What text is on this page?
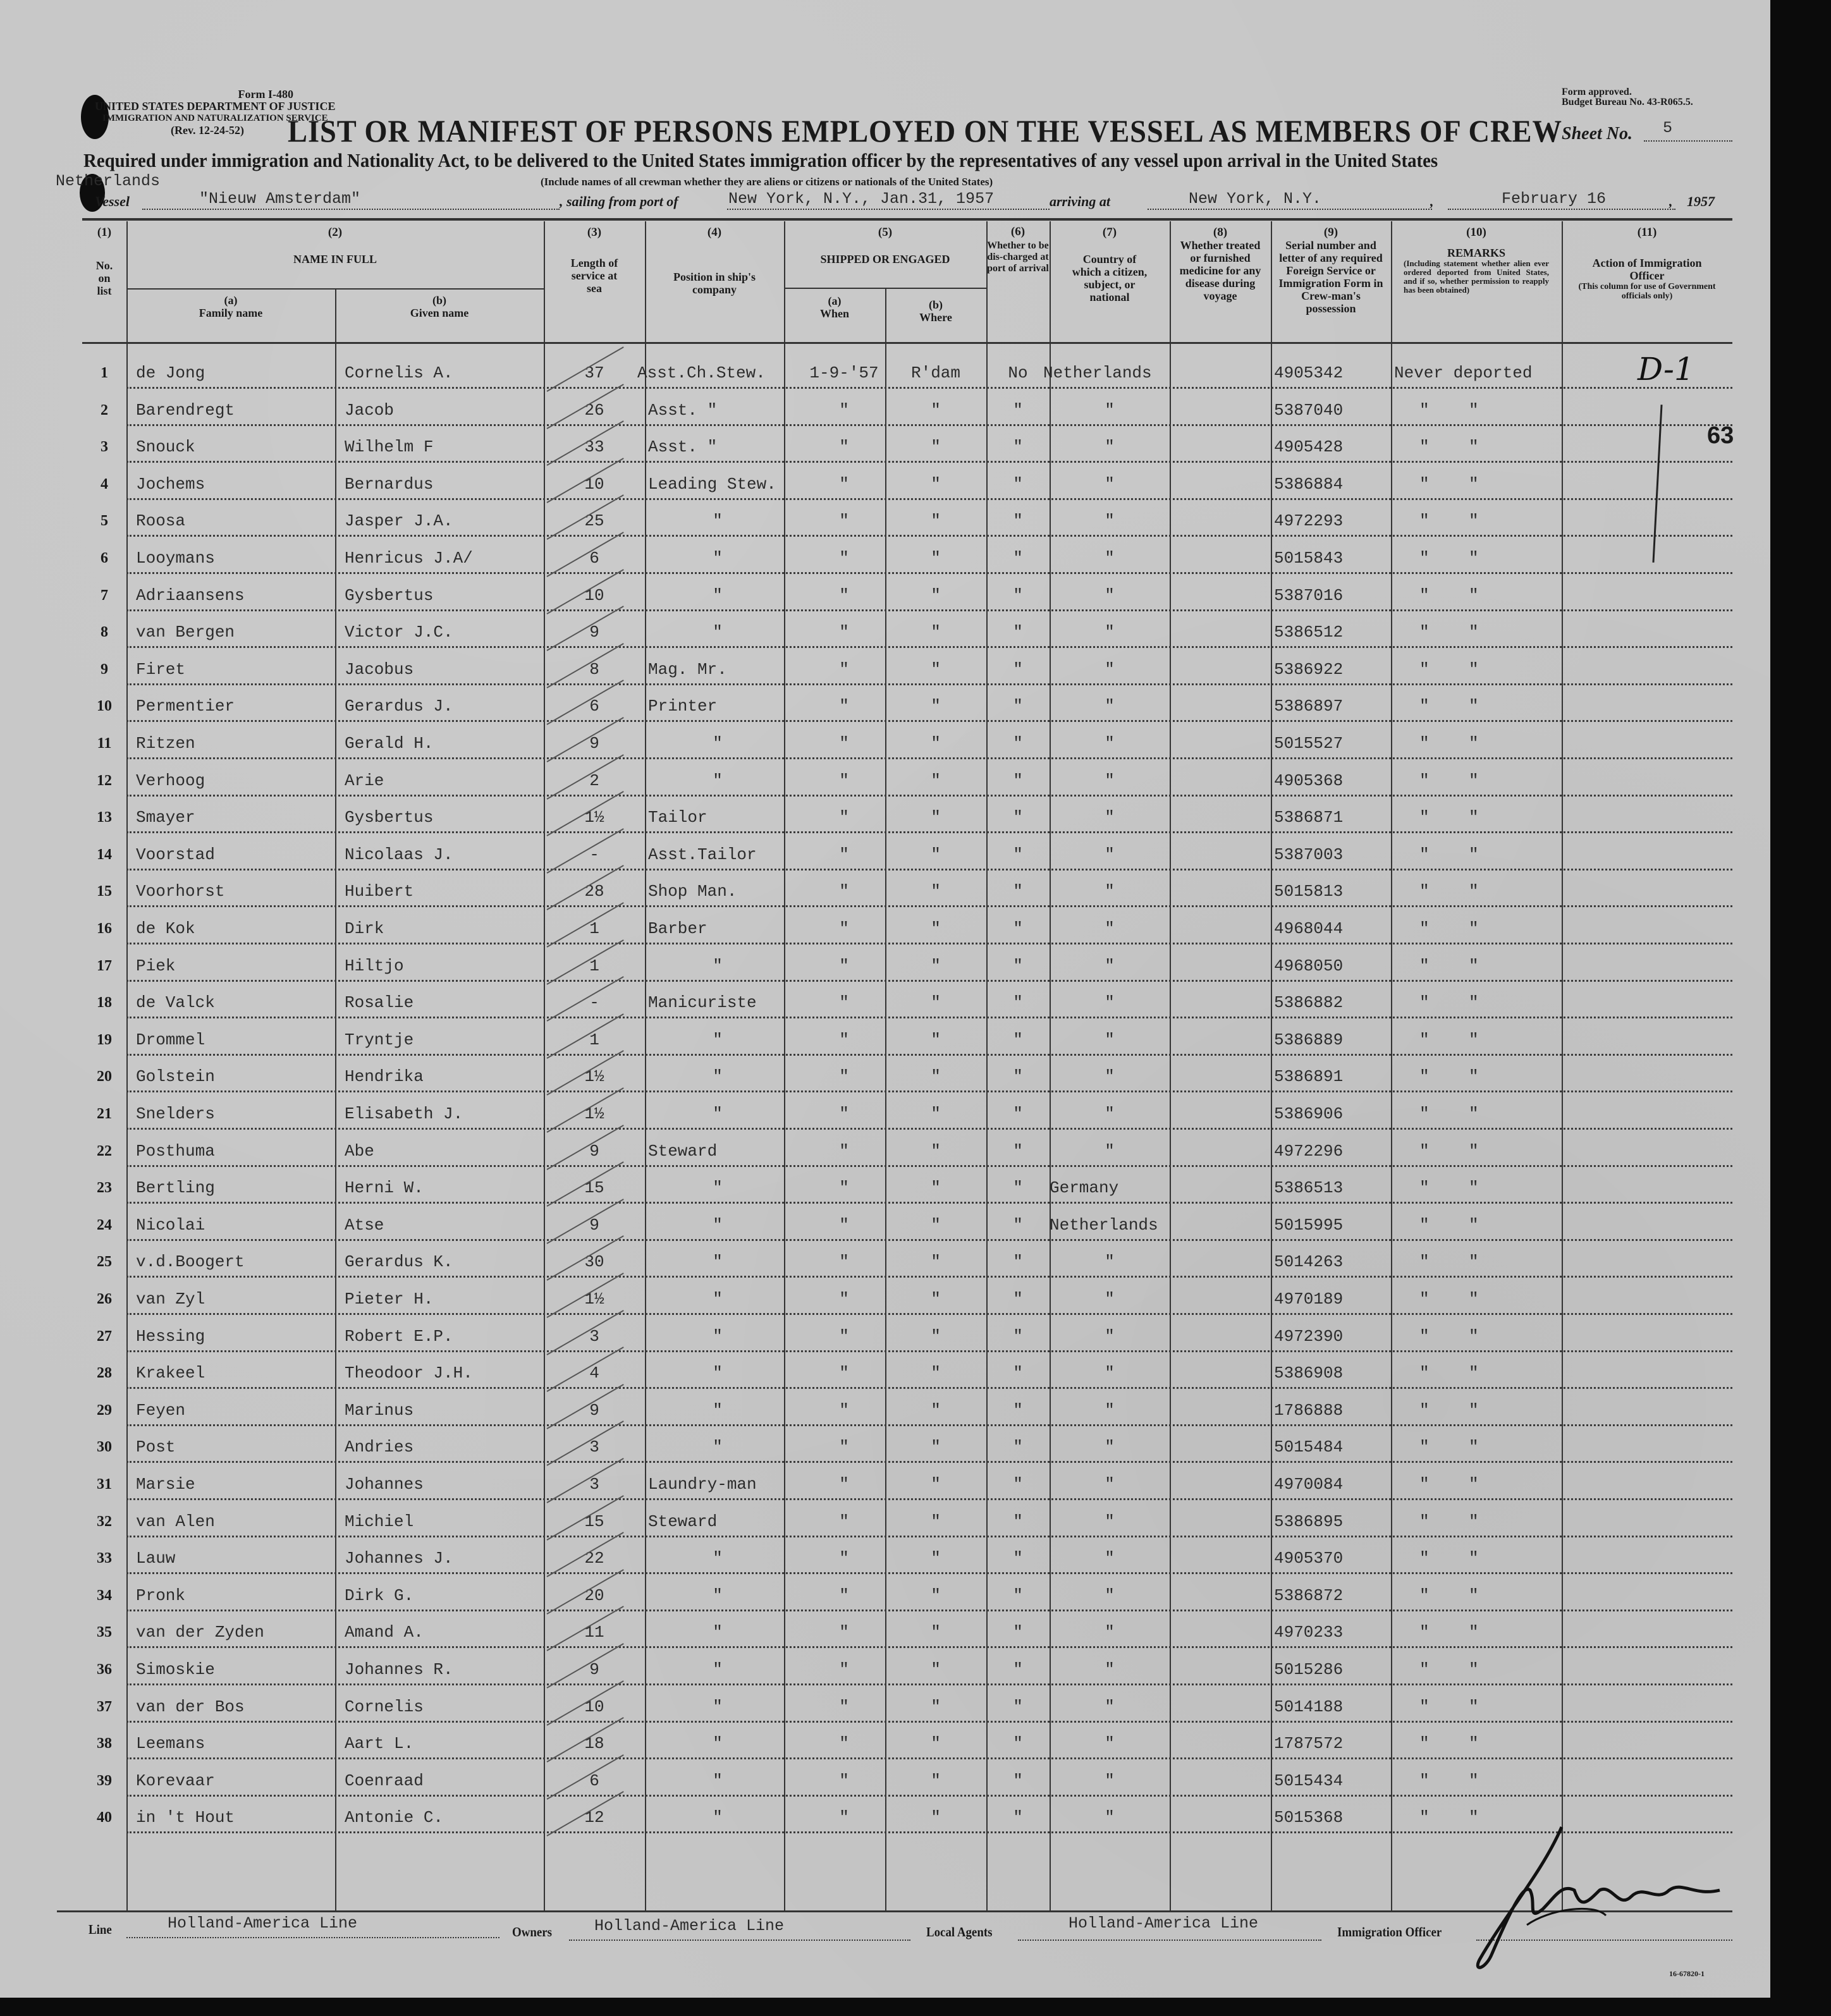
Form I-480
UNITED STATES DEPARTMENT OF JUSTICE
IMMIGRATION AND NATURALIZATION SERVICE
(Rev. 12-24-52)
Form approved.
Budget Bureau No. 43-R065.5.
LIST OR MANIFEST OF PERSONS EMPLOYED ON THE VESSEL AS MEMBERS OF CREW Sheet No. 5
Required under immigration and Nationality Act, to be delivered to the United States immigration officer by the representatives of any vessel upon arrival in the United States
(Include names of all crewman whether they are aliens or citizens or nationals of the United States)
Netherlands
Vessel	"Nieuw Amsterdam"	, sailing from port of	New York, N.Y., Jan.31, 1957	arriving at	New York, N.Y.	,	February 16	, 1957
(1)
No. on list
(2)
NAME IN FULL
(a)
Family name
(b)
Given name
(3)
Length of service at sea
(4)
Position in ship's company
(5)
SHIPPED OR ENGAGED
(a)
When
(b)
Where
(6)
Whether to be dis-charged at port of arrival
(7)
Country of which a citizen, subject, or national
(8)
Whether treated or furnished medicine for any disease during voyage
(9)
Serial number and letter of any required Foreign Service or Immigration Form in Crew-man's possession
(10)
REMARKS
(Including statement whether alien ever ordered deported from United States, and if so, whether permission to reapply has been obtained)
(11)
Action of Immigration Officer
(This column for use of Government officials only)
1	de Jong	Cornelis A.	37	Asst.Ch.Stew.	1-9-'57	R'dam	No Netherlands	4905342	Never deported
2	Barendregt	Jacob	26	Asst. "	"	"	"	"	5387040	"    "
3	Snouck	Wilhelm F	33	Asst. "	"	"	"	"	4905428	"    "
4	Jochems	Bernardus	10	Leading Stew.	"	"	"	"	5386884	"    "
5	Roosa	Jasper J.A.	25	"	"	"	"	"	4972293	"    "
6	Looymans	Henricus J.A/	6	"	"	"	"	"	5015843	"    "
7	Adriaansens	Gysbertus	10	"	"	"	"	"	5387016	"    "
8	van Bergen	Victor J.C.	9	"	"	"	"	"	5386512	"    "
9	Firet	Jacobus	8	Mag. Mr.	"	"	"	"	5386922	"    "
10	Permentier	Gerardus J.	6	Printer	"	"	"	"	5386897	"    "
11	Ritzen	Gerald H.	9	"	"	"	"	"	5015527	"    "
12	Verhoog	Arie	2	"	"	"	"	"	4905368	"    "
13	Smayer	Gysbertus	1½	Tailor	"	"	"	"	5386871	"    "
14	Voorstad	Nicolaas J.	-	Asst.Tailor	"	"	"	"	5387003	"    "
15	Voorhorst	Huibert	28	Shop Man.	"	"	"	"	5015813	"    "
16	de Kok	Dirk	1	Barber	"	"	"	"	4968044	"    "
17	Piek	Hiltjo	1	"	"	"	"	"	4968050	"    "
18	de Valck	Rosalie	-	Manicuriste	"	"	"	"	5386882	"    "
19	Drommel	Tryntje	1	"	"	"	"	"	5386889	"    "
20	Golstein	Hendrika	1½	"	"	"	"	"	5386891	"    "
21	Snelders	Elisabeth J.	1½	"	"	"	"	"	5386906	"    "
22	Posthuma	Abe	9	Steward	"	"	"	"	4972296	"    "
23	Bertling	Herni W.	15	"	"	"	"	Germany	5386513	"    "
24	Nicolai	Atse	9	"	"	"	"	Netherlands	5015995	"    "
25	v.d.Boogert	Gerardus K.	30	"	"	"	"	"	5014263	"    "
26	van Zyl	Pieter H.	1½	"	"	"	"	"	4970189	"    "
27	Hessing	Robert E.P.	3	"	"	"	"	"	4972390	"    "
28	Krakeel	Theodoor J.H.	4	"	"	"	"	"	5386908	"    "
29	Feyen	Marinus	9	"	"	"	"	"	1786888	"    "
30	Post	Andries	3	"	"	"	"	"	5015484	"    "
31	Marsie	Johannes	3	Laundry-man	"	"	"	"	4970084	"    "
32	van Alen	Michiel	15	Steward	"	"	"	"	5386895	"    "
33	Lauw	Johannes J.	22	"	"	"	"	"	4905370	"    "
34	Pronk	Dirk G.	20	"	"	"	"	"	5386872	"    "
35	van der Zyden	Amand A.	11	"	"	"	"	"	4970233	"    "
36	Simoskie	Johannes R.	9	"	"	"	"	"	5015286	"    "
37	van der Bos	Cornelis	10	"	"	"	"	"	5014188	"    "
38	Leemans	Aart L.	18	"	"	"	"	"	1787572	"    "
39	Korevaar	Coenraad	6	"	"	"	"	"	5015434	"    "
40	in 't Hout	Antonie C.	12	"	"	"	"	"	5015368	"    "
D-1
63
Line	Holland-America Line	Owners	Holland-America Line	Local Agents	Holland-America Line	Immigration Officer
16-67820-1
